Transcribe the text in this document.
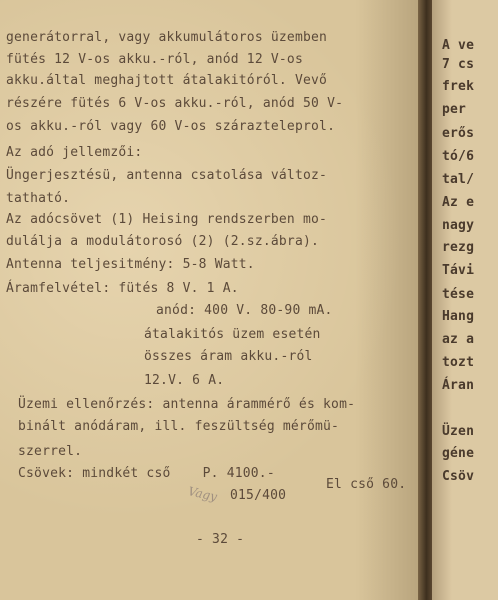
generátorral, vagy akkumulátoros üzemben
fütés 12 V-os akku.-ról, anód 12 V-os
akku.által meghajtott átalakitóról. Vevő
részére fütés 6 V-os akku.-ról, anód 50 V-
os akku.-ról vagy 60 V-os szárazteleprol.
Az adó jellemzői:
Üngerjesztésü, antenna csatolása változ-
tatható.
Az adócsövet (1) Heising rendszerben mo-
dulálja a modulátorosó (2) (2.sz.ábra).
Antenna teljesitmény: 5-8 Watt.
Áramfelvétel: fütés 8 V. 1 A.
anód: 400 V. 80-90 mA.
átalakitós üzem esetén
összes áram akku.-ról
12.V. 6 A.
Üzemi ellenőrzés: antenna árammérő és kom-
binált anódáram, ill. feszültség mérőmü-
szerrel.
Csövek: mindkét cső    P. 4100.-
015/400
El cső 60.
- 32 -
Vagy
A ve
7 cs
frek
per
erős
tó/6
tal/
Az e
nagy
rezg
Távi
tése
Hang
az a
tozt
Áran
Üzen
géne
Csöv
